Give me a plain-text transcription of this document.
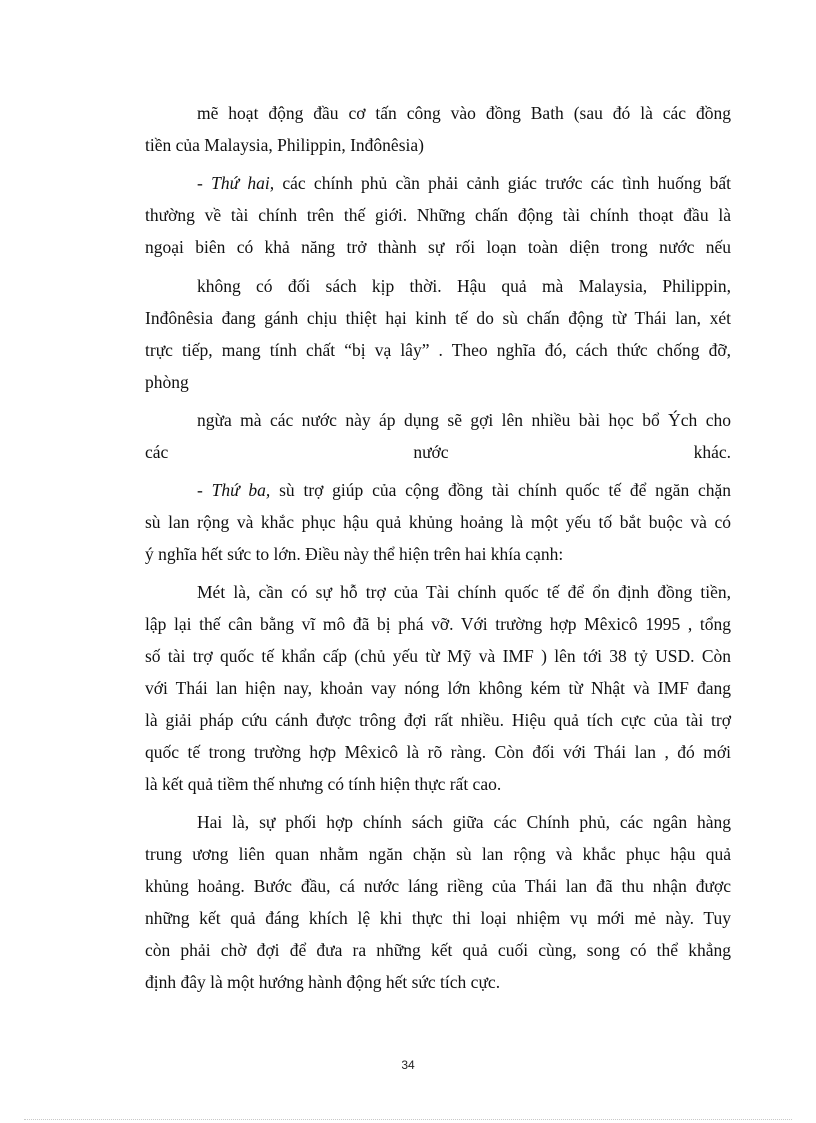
mẽ hoạt động đầu cơ tấn công vào đồng Bath (sau đó là các đồng
tiền của Malaysia, Philippin, Inđônêsia)
- Thứ hai, các chính phủ cần phải cảnh giác trước các tình huống bất
thường về tài chính trên thế giới. Những chấn động tài chính thoạt đầu là
ngoại biên có khả năng trở thành sự rối loạn toàn diện trong nước nếu
không có đối sách kịp thời. Hậu quả mà Malaysia, Philippin,
Inđônêsia đang gánh chịu thiệt hại kinh tế do sù chấn động từ Thái lan, xét
trực tiếp, mang tính chất “bị vạ lây” . Theo nghĩa đó, cách thức chống đỡ,
phòng
ngừa mà các nước này áp dụng sẽ gợi lên nhiều bài học bổ Ých cho
các	nước	khác.
- Thứ ba, sù trợ giúp của cộng đồng tài chính quốc tế để ngăn chặn
sù lan rộng và khắc phục hậu quả khủng hoảng là một yếu tố bắt buộc và có
ý nghĩa hết sức to lớn. Điều này thể hiện trên hai khía cạnh:
Mét là, cần có sự hỗ trợ của Tài chính quốc tế để ổn định đồng tiền,
lập lại thế cân bằng vĩ mô đã bị phá vỡ. Với trường hợp Mêxicô 1995 , tổng
số tài trợ quốc tế khẩn cấp (chủ yếu từ Mỹ và IMF ) lên tới 38 tỷ USD. Còn
với Thái lan hiện nay, khoản vay nóng lớn không kém từ Nhật và IMF đang
là giải pháp cứu cánh được trông đợi rất nhiều. Hiệu quả tích cực của tài trợ
quốc tế trong trường hợp Mêxicô là rõ ràng. Còn đối với Thái lan , đó mới
là kết quả tiềm thế nhưng có tính hiện thực rất cao.
Hai là, sự phối hợp chính sách giữa các Chính phủ, các ngân hàng
trung ương liên quan nhằm ngăn chặn sù lan rộng và khắc phục hậu quả
khủng hoảng. Bước đầu, cá nước láng riềng của Thái lan đã thu nhận được
những kết quả đáng khích lệ khi thực thi loại nhiệm vụ mới mẻ này. Tuy
còn phải chờ đợi để đưa ra những kết quả cuối cùng, song có thể khẳng
định đây là một hướng hành động hết sức tích cực.
34
